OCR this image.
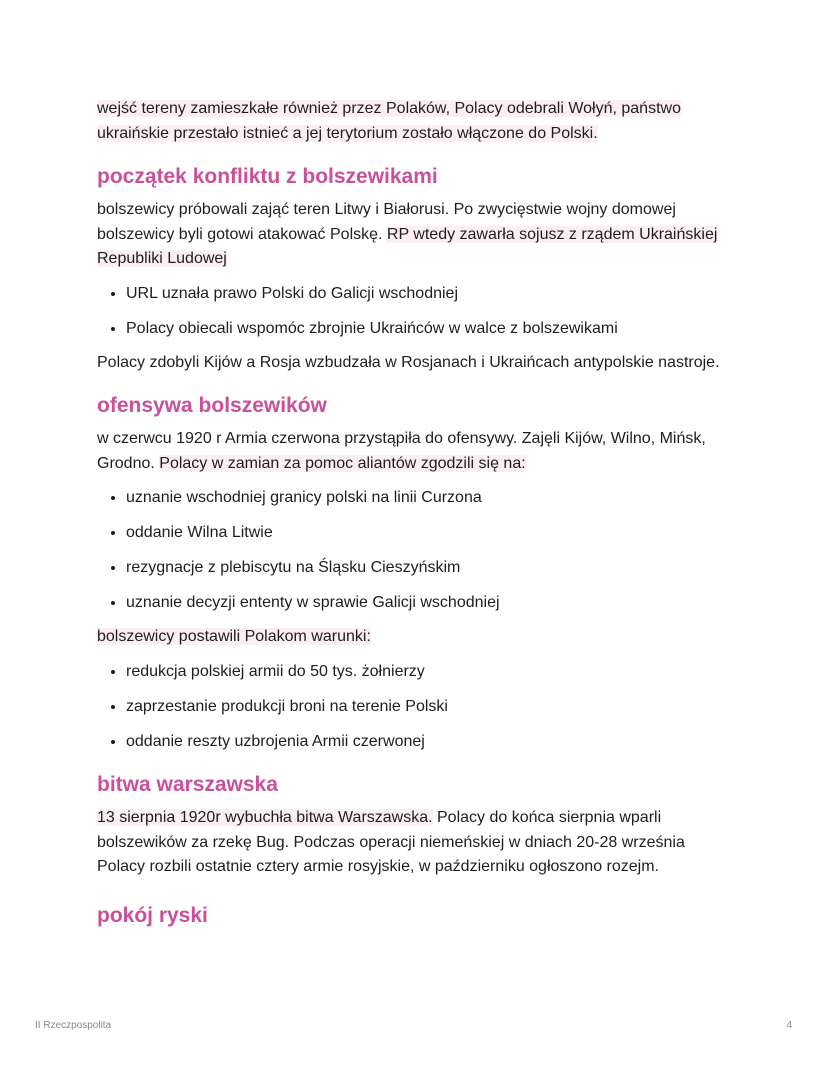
wejść tereny zamieszkałe również przez Polaków, Polacy odebrali Wołyń, państwo ukraińskie przestało istnieć a jej terytorium zostało włączone do Polski.

początek konfliktu z bolszewikami

bolszewicy próbowali zająć teren Litwy i Białorusi. Po zwycięstwie wojny domowej bolszewicy byli gotowi atakować Polskę. RP wtedy zawarła sojusz z rządem Ukraińskiej Republiki Ludowej

• URL uznała prawo Polski do Galicji wschodniej
• Polacy obiecali wspomóc zbrojnie Ukraińców w walce z bolszewikami

Polacy zdobyli Kijów a Rosja wzbudzała w Rosjanach i Ukraińcach antypolskie nastroje.

ofensywa bolszewików

w czerwcu 1920 r Armia czerwona przystąpiła do ofensywy. Zajęli Kijów, Wilno, Mińsk, Grodno. Polacy w zamian za pomoc aliantów zgodzili się na:

• uznanie wschodniej granicy polski na linii Curzona
• oddanie Wilna Litwie
• rezygnacje z plebiscytu na Śląsku Cieszyńskim
• uznanie decyzji ententy w sprawie Galicji wschodniej

bolszewicy postawili Polakom warunki:

• redukcja polskiej armii do 50 tys. żołnierzy
• zaprzestanie produkcji broni na terenie Polski
• oddanie reszty uzbrojenia Armii czerwonej
bitwa warszawska

13 sierpnia 1920r wybuchła bitwa Warszawska. Polacy do końca sierpnia wparli bolszewików za rzekę Bug. Podczas operacji niemeńskiej w dniach 20-28 września Polacy rozbili ostatnie cztery armie rosyjskie, w październiku ogłoszono rozejm.

pokój ryski
II Rzeczpospolita	4
